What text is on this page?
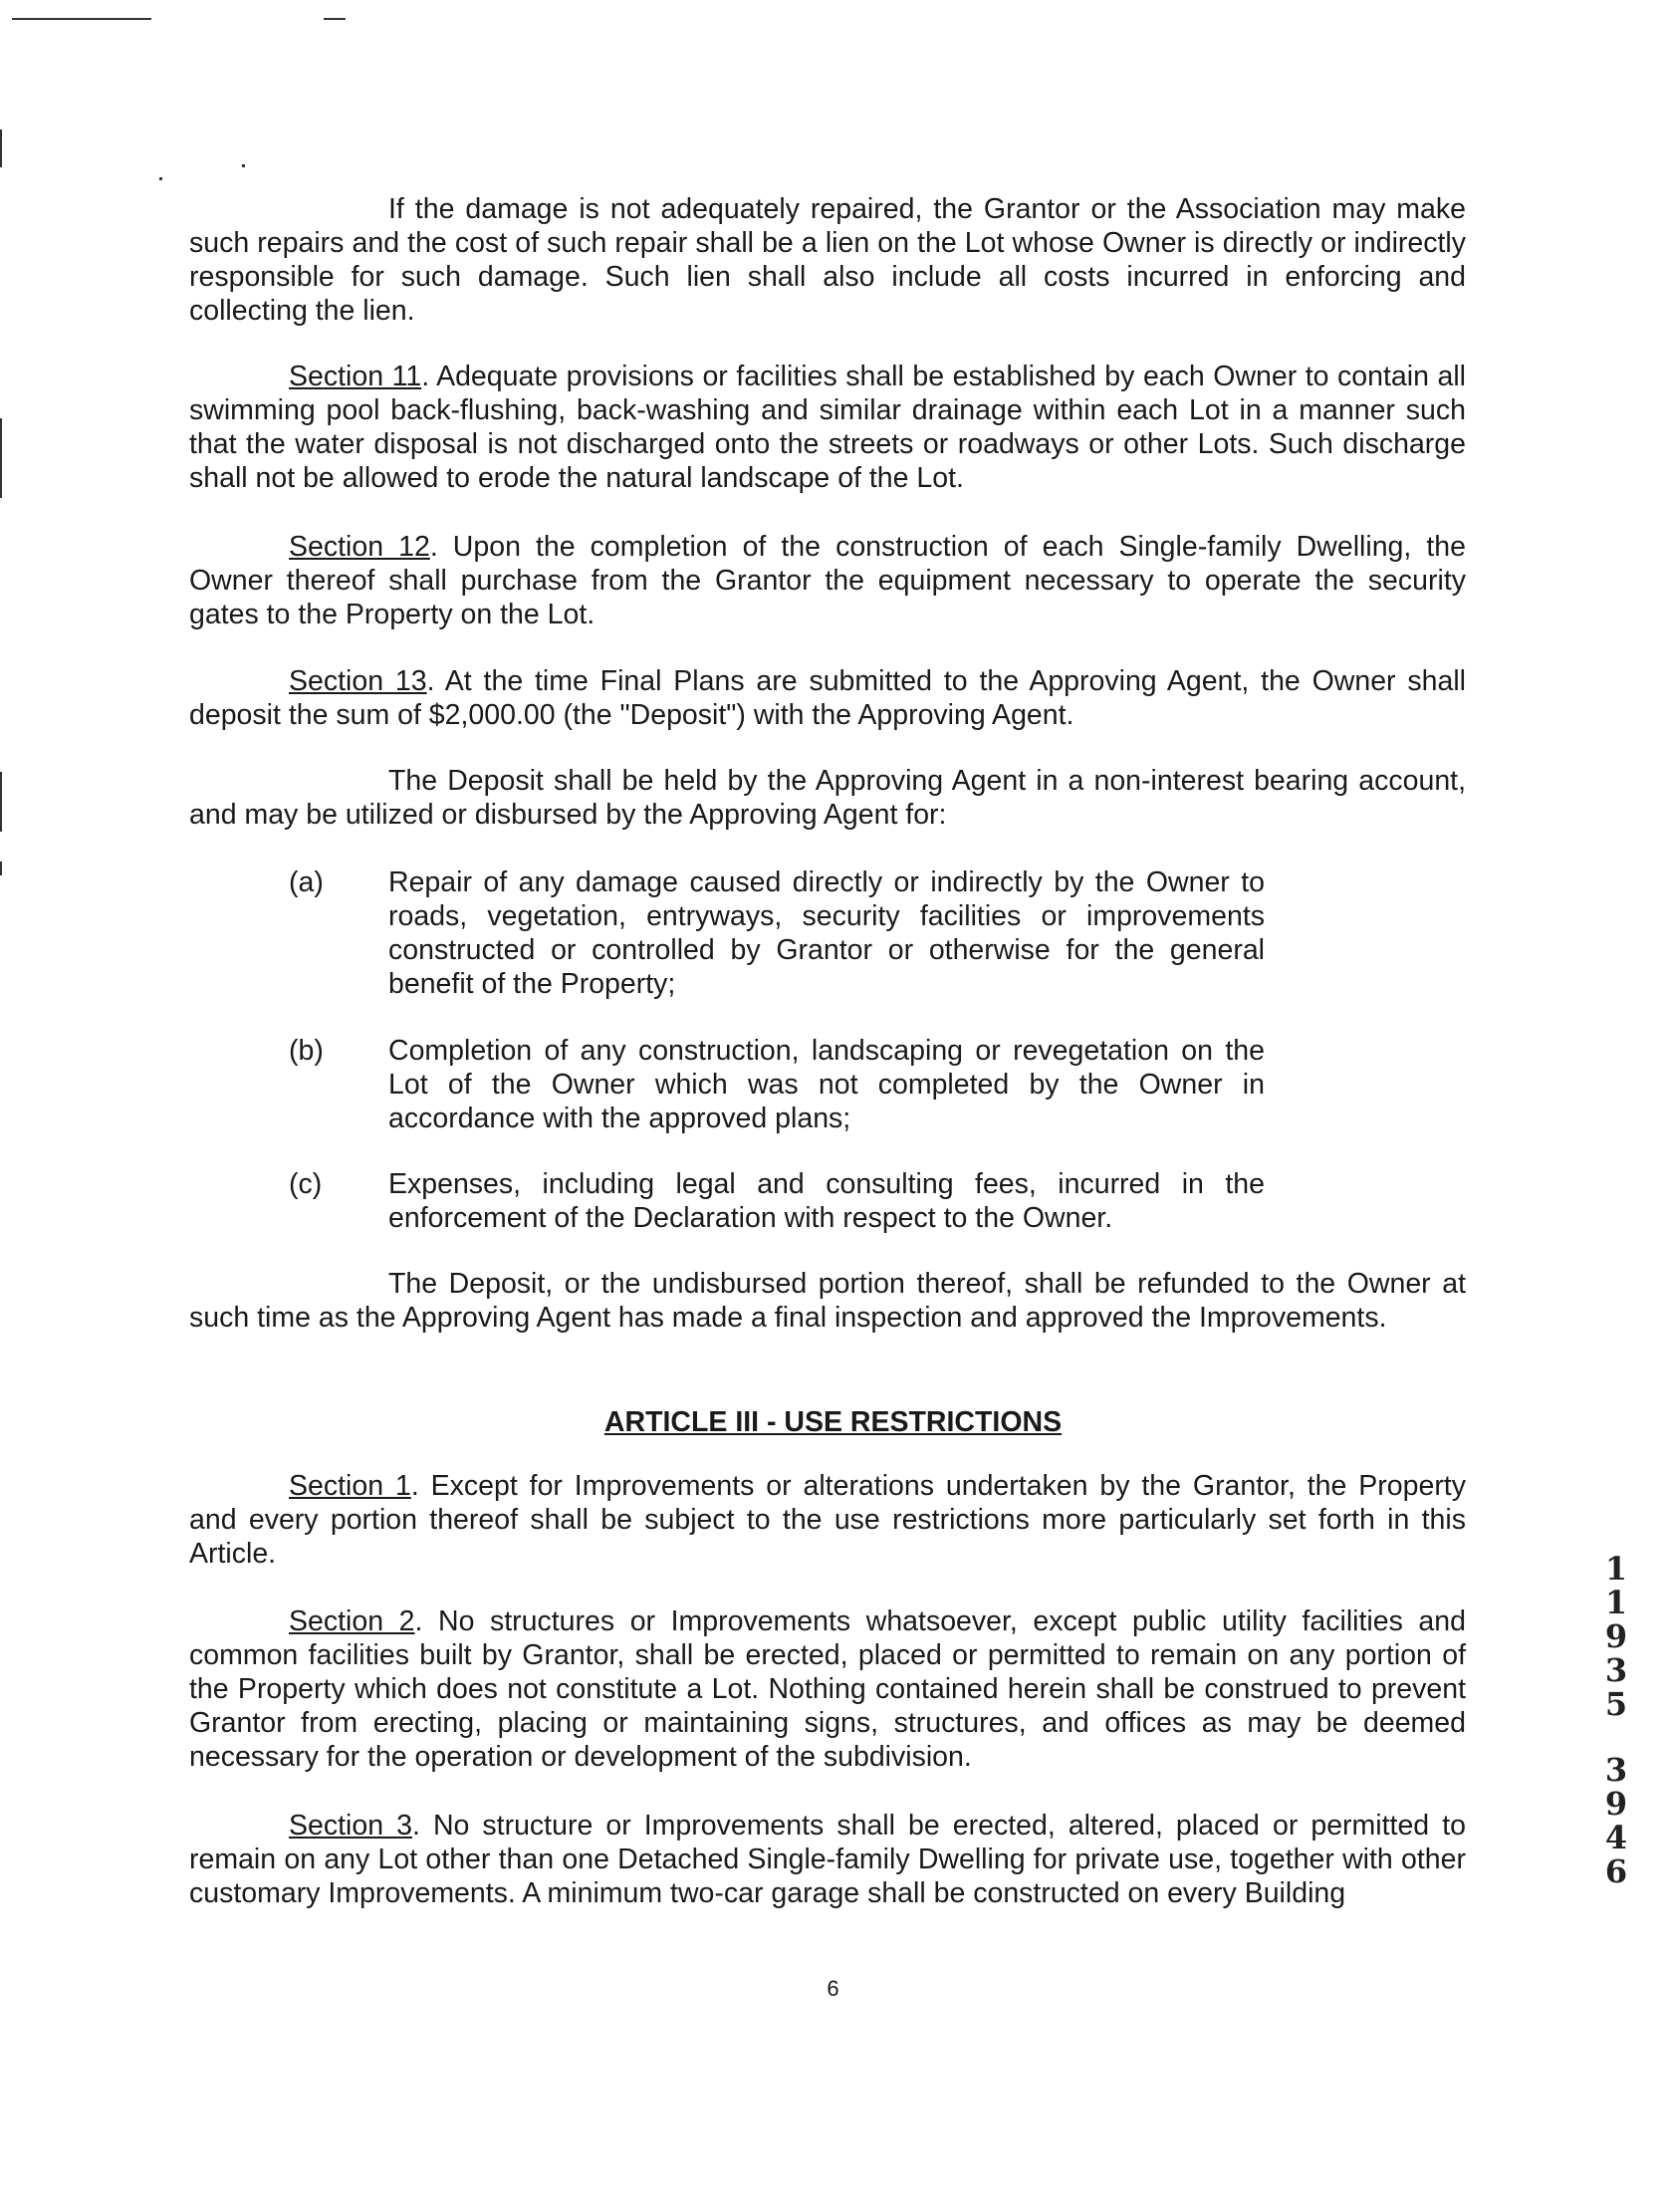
If the damage is not adequately repaired, the Grantor or the Association may make such repairs and the cost of such repair shall be a lien on the Lot whose Owner is directly or indirectly responsible for such damage. Such lien shall also include all costs incurred in enforcing and collecting the lien.

Section 11. Adequate provisions or facilities shall be established by each Owner to contain all swimming pool back-flushing, back-washing and similar drainage within each Lot in a manner such that the water disposal is not discharged onto the streets or roadways or other Lots. Such discharge shall not be allowed to erode the natural landscape of the Lot.

Section 12. Upon the completion of the construction of each Single-family Dwelling, the Owner thereof shall purchase from the Grantor the equipment necessary to operate the security gates to the Property on the Lot.

Section 13. At the time Final Plans are submitted to the Approving Agent, the Owner shall deposit the sum of $2,000.00 (the "Deposit") with the Approving Agent.

The Deposit shall be held by the Approving Agent in a non-interest bearing account, and may be utilized or disbursed by the Approving Agent for:

(a) Repair of any damage caused directly or indirectly by the Owner to roads, vegetation, entryways, security facilities or improvements constructed or controlled by Grantor or otherwise for the general benefit of the Property;
(b) Completion of any construction, landscaping or revegetation on the Lot of the Owner which was not completed by the Owner in accordance with the approved plans;
(c) Expenses, including legal and consulting fees, incurred in the enforcement of the Declaration with respect to the Owner.

The Deposit, or the undisbursed portion thereof, shall be refunded to the Owner at such time as the Approving Agent has made a final inspection and approved the Improvements.

ARTICLE III - USE RESTRICTIONS

Section 1. Except for Improvements or alterations undertaken by the Grantor, the Property and every portion thereof shall be subject to the use restrictions more particularly set forth in this Article.

Section 2. No structures or Improvements whatsoever, except public utility facilities and common facilities built by Grantor, shall be erected, placed or permitted to remain on any portion of the Property which does not constitute a Lot. Nothing contained herein shall be construed to prevent Grantor from erecting, placing or maintaining signs, structures, and offices as may be deemed necessary for the operation or development of the subdivision.

Section 3. No structure or Improvements shall be erected, altered, placed or permitted to remain on any Lot other than one Detached Single-family Dwelling for private use, together with other customary Improvements. A minimum two-car garage shall be constructed on every Building

6
1
1
9
3
5
3
9
4
6
